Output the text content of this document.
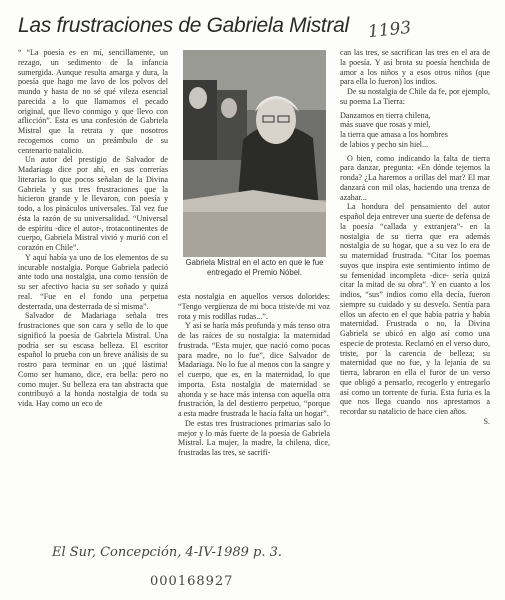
Las frustraciones de Gabriela Mistral 1193

“ “La poesía es en mí, sencillamente, un rezago, un sedimento de la infancia sumergida. Aunque resulta amarga y dura, la poesía que hago me lavo de los polvos del mundo y hasta de no sé qué vileza esencial parecida a lo que llamamos el pecado original, que llevo conmigo y que llevo con aflicción”. Esta es una confesión de Gabriela Mistral que la retrata y que nosotros recogemos como un preámbulo de su centenario natalicio.

Un autor del prestigio de Salvador de Madariaga dice por ahí, en sus correrías literarias lo que pocos señalan de la Divina Gabriela y sus tres frustraciones que la hicieron grande y le llevaron, con poesía y todo, a los pináculos universales. Tal vez fue ésta la razón de su universalidad. “Universal de espíritu -dice el autor-, trotacontinentes de cuerpo, Gabriela Mistral vivió y murió con el corazón en Chile”.

Y aquí había ya uno de los elementos de su incurable nostalgia. Porque Gabriela padeció ante todo una nostalgia, una como tensión de su ser afectivo hacia su ser soñado y quizá real. “Fue en el fondo una perpetua desterrada, una desterrada de sí misma”.

Salvador de Madariaga señala tres frustraciones que son cara y sello de lo que significó la poesía de Gabriela Mistral. Una podría ser su escasa belleza. El escritor español lo prueba con un breve análisis de su rostro para terminar en un ¡qué lástima! Como ser humano, dice, era bella: pero no como mujer. Su belleza era tan abstracta que contribuyó a la honda nostalgia de toda su vida. Hay como un eco de

Gabriela Mistral en el acto en que le fue entregado el Premio Nóbel.

esta nostalgia en aquellos versos dolorides: “Tengo vergüenza de mi boca triste/de mi voz rota y mis rodillas rudas...”.

Y así se haría más profunda y más tenso otra de las raíces de su nostalgia: la maternidad frustrada. “Esta mujer, que nació como pocas para madre, no lo fue”, dice Salvador de Madariaga. No lo fue al menos con la sangre y el cuerpo, que es, en la maternidad, lo que importa. Esta nostalgia de maternidad se ahonda y se hace más intensa con aquella otra frustración, la del destierro perpetuo, “porque a esta madre frustrada le hacía falta un hogar”.

De estas tres frustraciones primarias salo lo mejor y lo más fuerte de la poesía de Gabriela Mistral. La mujer, la madre, la chilena, dice, frustradas las tres, se sacrifi-

can las tres, se sacrifican las tres en el ara de la poesía. Y así brota su poesía henchida de amor a los niños y a esos otros niños (que para ella lo fueron) los indios.

De su nostalgia de Chile da fe, por ejemplo, su poema La Tierra:

Danzamos en tierra chilena,
más suave que rosas y miel,
la tierra que amasa a los hombres
de labios y pecho sin hiel...

O bien, como indicando la falta de tierra para danzar, pregunta: «En dónde tejemos la ronda? ¿La haremos a orillas del mar? El mar danzará con mil olas, haciendo una trenza de azahar...

La hondura del pensamiento del autor español deja entrever una suerte de defensa de la poesía “callada y extranjera”- en la nostalgia de su tierra que era además nostalgia de su hogar, que a su vez lo era de su maternidad frustrada. “Citar los poemas suyos que inspira este sentimiento íntimo de su femenidad incompleta -dice- sería quizá citar la mitad de su obra”. Y en cuanto a los indios, “sus” indios como ella decía, fueron siempre su cuidado y su desvelo. Sentía para ellos un afecto en el que había patria y había maternidad. Frustrada o no, la Divina Gabriela se ubicó en algo así como una especie de protesta. Reclamó en el verso duro, triste, por la carencia de belleza; su maternidad que no fue, y la lejanía de su tierra, labraron en ella el furor de un verso que obligó a pensarlo, recogerlo y entregarlo así como un torrente de furia. Esta furia es la que nos llega cuando nos aprestamos a recordar su natalicio de hace cien años.

S.

El Sur, Concepción, 4-IV-1989 p. 3.
000168927
